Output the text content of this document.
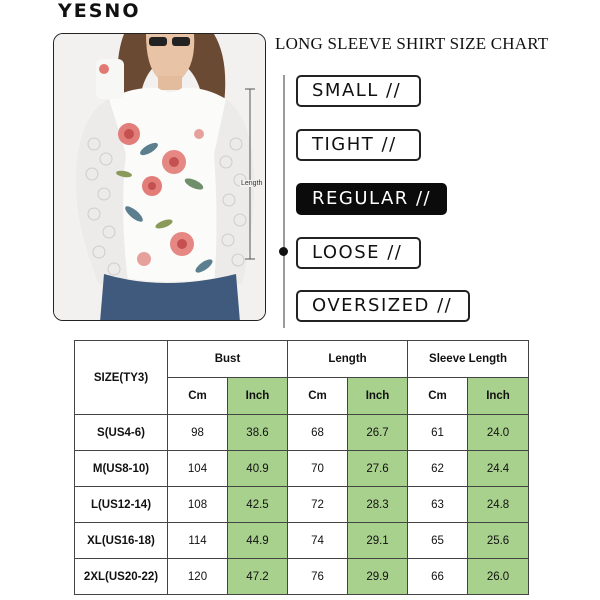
YESNO
Length
LONG SLEEVE SHIRT SIZE CHART
SMALL //
TIGHT //
REGULAR //
LOOSE //
OVERSIZED //
SIZE(TY3)	Bust		Length		Sleeve Length	
	Cm	Inch	Cm	Inch	Cm	Inch
S(US4-6)	98	38.6	68	26.7	61	24.0
M(US8-10)	104	40.9	70	27.6	62	24.4
L(US12-14)	108	42.5	72	28.3	63	24.8
XL(US16-18)	114	44.9	74	29.1	65	25.6
2XL(US20-22)	120	47.2	76	29.9	66	26.0
